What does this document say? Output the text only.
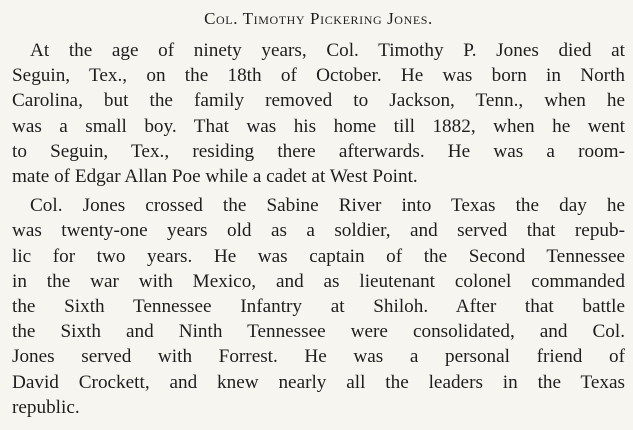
Col. Timothy Pickering Jones.

At the age of ninety years, Col. Timothy P. Jones died at
Seguin, Tex., on the 18th of October. He was born in North
Carolina, but the family removed to Jackson, Tenn., when he
was a small boy. That was his home till 1882, when he went
to Seguin, Tex., residing there afterwards. He was a room-
mate of Edgar Allan Poe while a cadet at West Point.

Col. Jones crossed the Sabine River into Texas the day he
was twenty-one years old as a soldier, and served that repub-
lic for two years. He was captain of the Second Tennessee
in the war with Mexico, and as lieutenant colonel commanded
the Sixth Tennessee Infantry at Shiloh. After that battle
the Sixth and Ninth Tennessee were consolidated, and Col.
Jones served with Forrest. He was a personal friend of
David Crockett, and knew nearly all the leaders in the Texas
republic.
